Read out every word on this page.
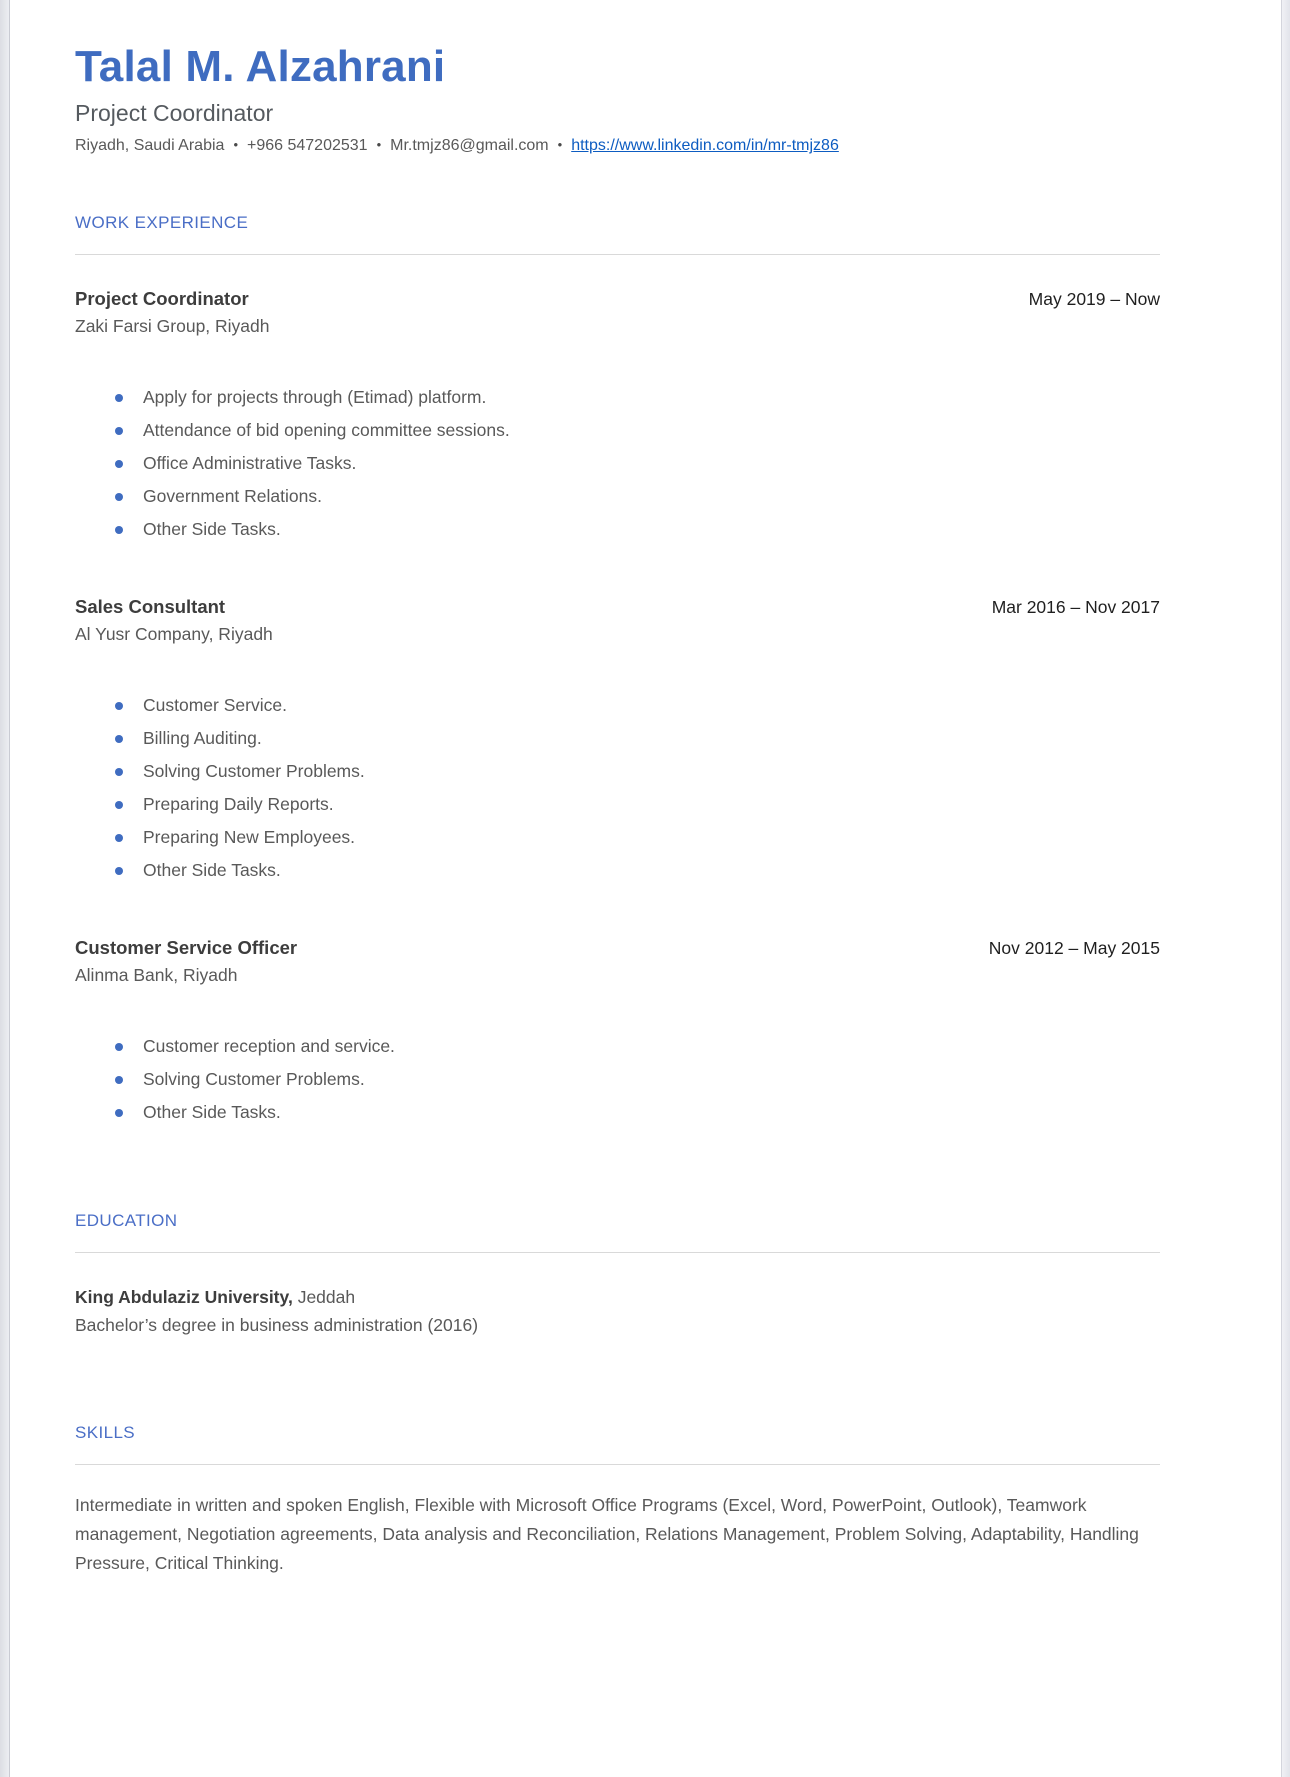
Talal M. Alzahrani
Project Coordinator
Riyadh, Saudi Arabia • +966 547202531 • Mr.tmjz86@gmail.com • https://www.linkedin.com/in/mr-tmjz86
WORK EXPERIENCE
Project Coordinator	May 2019 – Now
Zaki Farsi Group, Riyadh
Apply for projects through (Etimad) platform.
Attendance of bid opening committee sessions.
Office Administrative Tasks.
Government Relations.
Other Side Tasks.
Sales Consultant	Mar 2016 – Nov 2017
Al Yusr Company, Riyadh
Customer Service.
Billing Auditing.
Solving Customer Problems.
Preparing Daily Reports.
Preparing New Employees.
Other Side Tasks.
Customer Service Officer	Nov 2012 – May 2015
Alinma Bank, Riyadh
Customer reception and service.
Solving Customer Problems.
Other Side Tasks.
EDUCATION
King Abdulaziz University, Jeddah
Bachelor’s degree in business administration (2016)
SKILLS
Intermediate in written and spoken English, Flexible with Microsoft Office Programs (Excel, Word, PowerPoint, Outlook), Teamwork management, Negotiation agreements, Data analysis and Reconciliation, Relations Management, Problem Solving, Adaptability, Handling Pressure, Critical Thinking.
